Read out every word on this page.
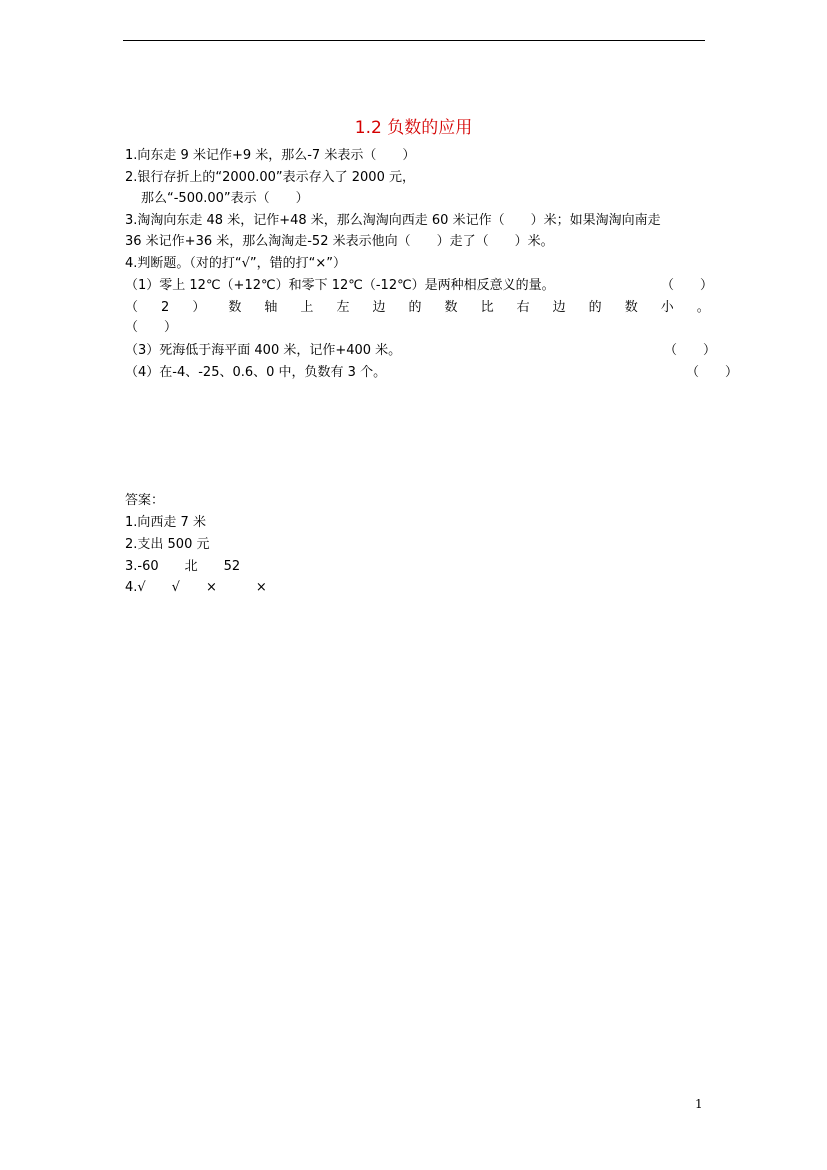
1.2 负数的应用
1.向东走 9 米记作+9 米，那么-7 米表示（　　）
2.银行存折上的“2000.00”表示存入了 2000 元，
那么“-500.00”表示（　　）
3.淘淘向东走 48 米，记作+48 米，那么淘淘向西走 60 米记作（　　）米；如果淘淘向南走
36 米记作+36 米，那么淘淘走-52 米表示他向（　　）走了（　　）米。
4.判断题。（对的打“√”，错的打“×”）
（1）零上 12℃（+12℃）和零下 12℃（-12℃）是两种相反意义的量。	（　　）
（ 2 ） 数 轴 上 左 边 的 数 比 右 边 的 数 小 。
（　　）
（3）死海低于海平面 400 米，记作+400 米。	（　　）
（4）在-4、-25、0.6、0 中，负数有 3 个。	（　　）
答案：
1.向西走 7 米
2.支出 500 元
3.-60　　北　　52
4.√　　√　　×　　　×
1
